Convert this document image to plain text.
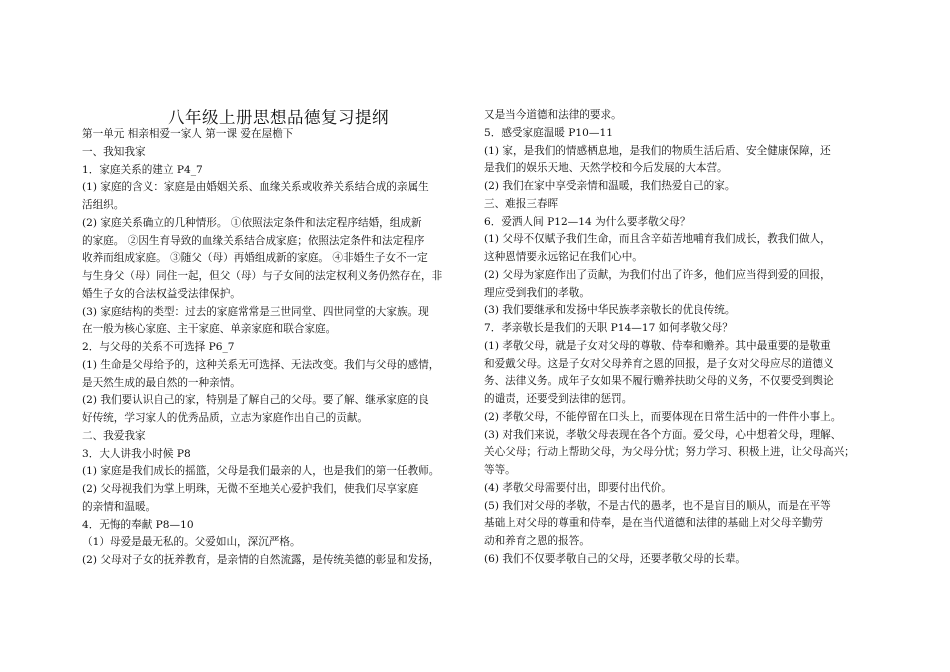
八年级上册思想品德复习提纲
第一单元 相亲相爱一家人 第一课 爱在屋檐下
一、我知我家
1．家庭关系的建立 P4_7
(1) 家庭的含义：家庭是由婚姻关系、血缘关系或收养关系结合成的亲属生
活组织。
(2) 家庭关系确立的几种情形。 ①依照法定条件和法定程序结婚，组成新
的家庭。 ②因生育导致的血缘关系结合成家庭；依照法定条件和法定程序
收养而组成家庭。 ③随父（母）再婚组成新的家庭。 ④非婚生子女不一定
与生身父（母）同住一起，但父（母）与子女间的法定权利义务仍然存在，非
婚生子女的合法权益受法律保护。
(3) 家庭结构的类型：过去的家庭常常是三世同堂、四世同堂的大家族。现
在一般为核心家庭、主干家庭、单亲家庭和联合家庭。
2．与父母的关系不可选择 P6_7
(1) 生命是父母给予的，这种关系无可选择、无法改变。我们与父母的感情，
是天然生成的最自然的一种亲情。
(2) 我们要认识自己的家，特别是了解自己的父母。要了解、继承家庭的良
好传统，学习家人的优秀品质，立志为家庭作出自己的贡献。
二、我爱我家
3．大人讲我小时候 P8
(1) 家庭是我们成长的摇篮，父母是我们最亲的人，也是我们的第一任教师。
(2) 父母视我们为掌上明珠，无微不至地关心爱护我们，使我们尽享家庭
的亲情和温暖。
4．无悔的奉献 P8—10
（1）母爱是最无私的。父爱如山，深沉严格。
(2) 父母对子女的抚养教育，是亲情的自然流露，是传统美德的彰显和发扬，
又是当今道德和法律的要求。
5．感受家庭温暖 P10—11
(1) 家，是我们的情感栖息地，是我们的物质生活后盾、安全健康保障，还
是我们的娱乐天地、天然学校和今后发展的大本营。
(2) 我们在家中享受亲情和温暖，我们热爱自己的家。
三、难报三春晖
6．爱洒人间 P12—14 为什么要孝敬父母？
(1) 父母不仅赋予我们生命，而且含辛茹苦地哺育我们成长，教我们做人，
这种恩情要永远铭记在我们心中。
(2) 父母为家庭作出了贡献，为我们付出了许多，他们应当得到爱的回报，
理应受到我们的孝敬。
(3) 我们要继承和发扬中华民族孝亲敬长的优良传统。
7．孝亲敬长是我们的天职 P14—17 如何孝敬父母？
(1) 孝敬父母，就是子女对父母的尊敬、侍奉和赡养。其中最重要的是敬重
和爱戴父母。这是子女对父母养育之恩的回报，是子女对父母应尽的道德义
务、法律义务。成年子女如果不履行赡养扶助父母的义务，不仅要受到舆论
的谴责，还要受到法律的惩罚。
(2) 孝敬父母，不能停留在口头上，而要体现在日常生活中的一件件小事上。
(3) 对我们来说，孝敬父母表现在各个方面。爱父母，心中想着父母，理解、
关心父母；行动上帮助父母，为父母分忧；努力学习、积极上进，让父母高兴；
等等。
(4) 孝敬父母需要付出，即要付出代价。
(5) 我们对父母的孝敬，不是古代的愚孝，也不是盲目的顺从，而是在平等
基础上对父母的尊重和侍奉，是在当代道德和法律的基础上对父母辛勤劳
动和养育之恩的报答。
(6) 我们不仅要孝敬自己的父母，还要孝敬父母的长辈。
